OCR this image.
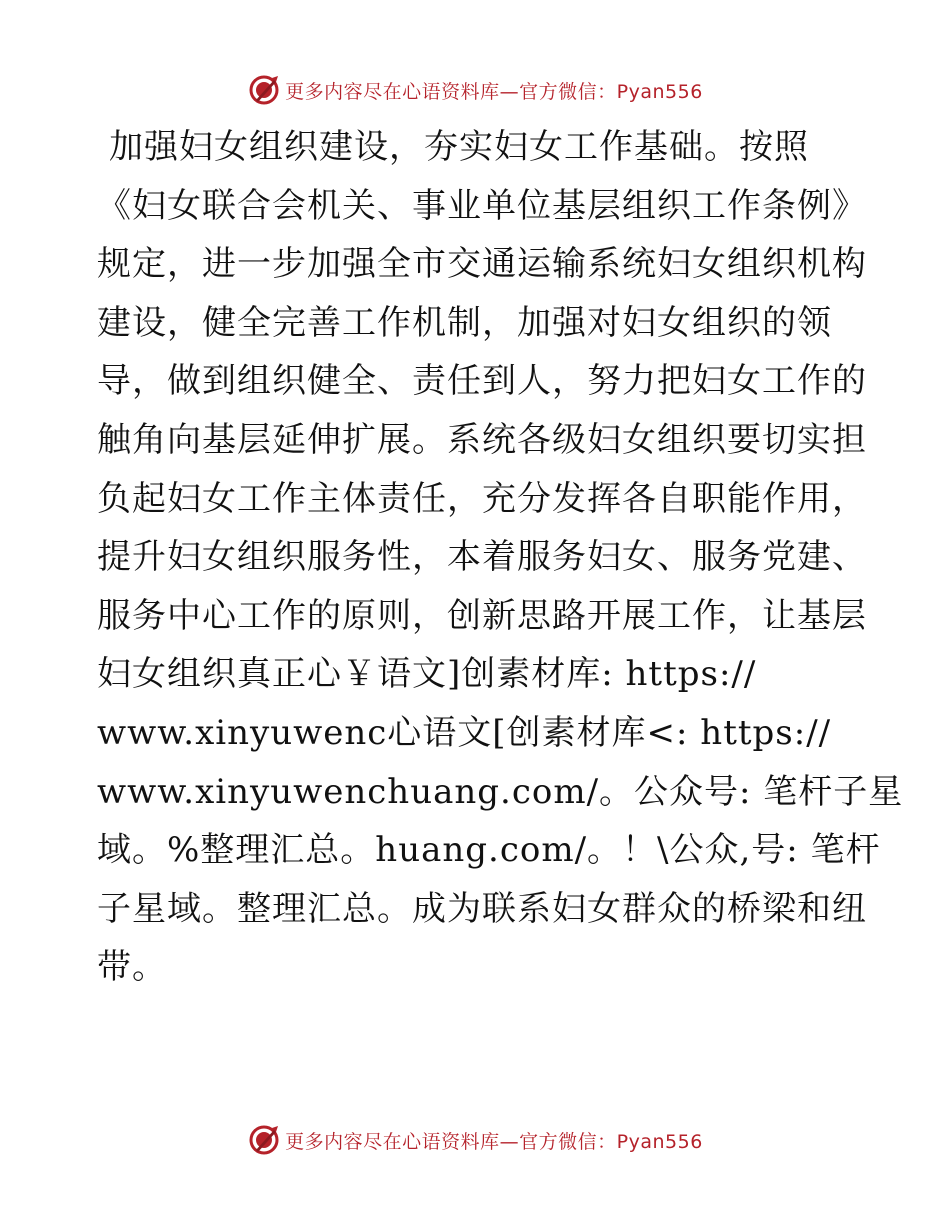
更多内容尽在心语资料库—官方微信：Pyan556
加强妇女组织建设，夯实妇女工作基础。按照
《妇女联合会机关、事业单位基层组织工作条例》
规定，进一步加强全市交通运输系统妇女组织机构
建设，健全完善工作机制，加强对妇女组织的领
导，做到组织健全、责任到人，努力把妇女工作的
触角向基层延伸扩展。系统各级妇女组织要切实担
负起妇女工作主体责任，充分发挥各自职能作用，
提升妇女组织服务性，本着服务妇女、服务党建、
服务中心工作的原则，创新思路开展工作，让基层
妇女组织真正心￥语文]创素材库: https://
www.xinyuwenc心语文[创素材库<: https://
www.xinyuwenchuang.com/。公众号: 笔杆子星
域。%整理汇总。huang.com/。！\公众,号: 笔杆
子星域。整理汇总。成为联系妇女群众的桥梁和纽
带。
更多内容尽在心语资料库—官方微信：Pyan556
